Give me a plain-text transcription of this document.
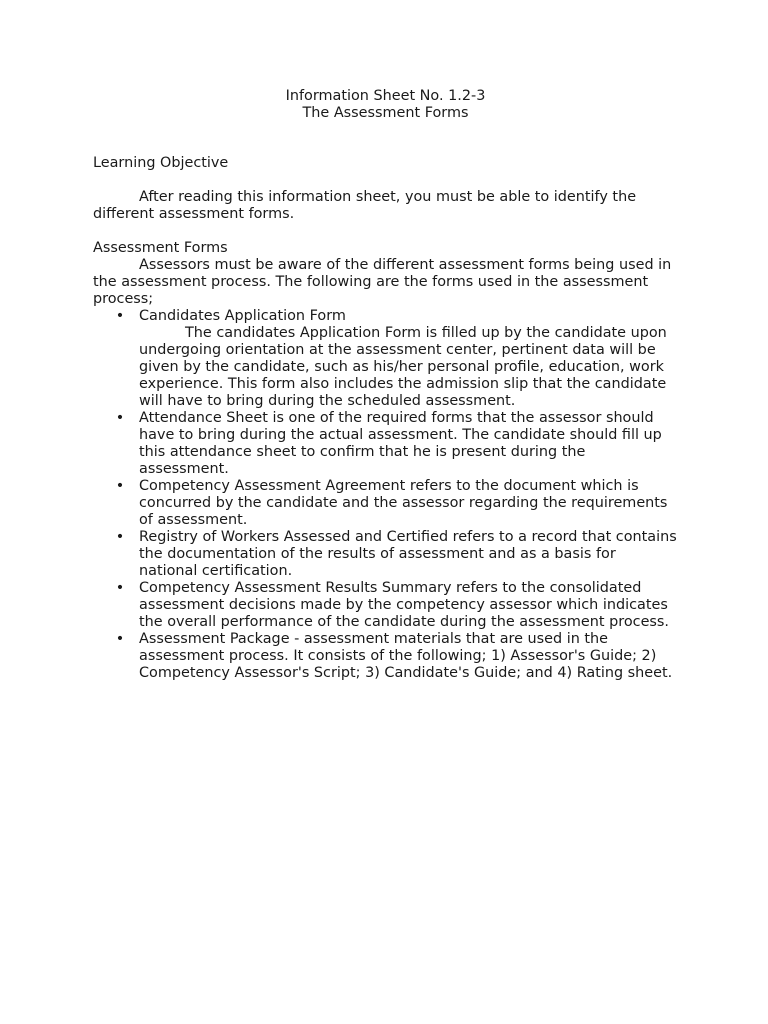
Information Sheet No. 1.2-3
The Assessment Forms
Learning Objective

After reading this information sheet, you must be able to identify the different assessment forms.

Assessment Forms

Assessors must be aware of the different assessment forms being used in the assessment process. The following are the forms used in the assessment process;

• Candidates Application Form
The candidates Application Form is filled up by the candidate upon undergoing orientation at the assessment center, pertinent data will be given by the candidate, such as his/her personal profile, education, work experience. This form also includes the admission slip that the candidate will have to bring during the scheduled assessment.
• Attendance Sheet is one of the required forms that the assessor should have to bring during the actual assessment. The candidate should fill up this attendance sheet to confirm that he is present during the assessment.
• Competency Assessment Agreement refers to the document which is concurred by the candidate and the assessor regarding the requirements of assessment.
• Registry of Workers Assessed and Certified refers to a record that contains the documentation of the results of assessment and as a basis for national certification.
• Competency Assessment Results Summary refers to the consolidated assessment decisions made by the competency assessor which indicates the overall performance of the candidate during the assessment process.
• Assessment Package - assessment materials that are used in the assessment process. It consists of the following; 1) Assessor's Guide; 2) Competency Assessor's Script; 3) Candidate's Guide; and 4) Rating sheet.
